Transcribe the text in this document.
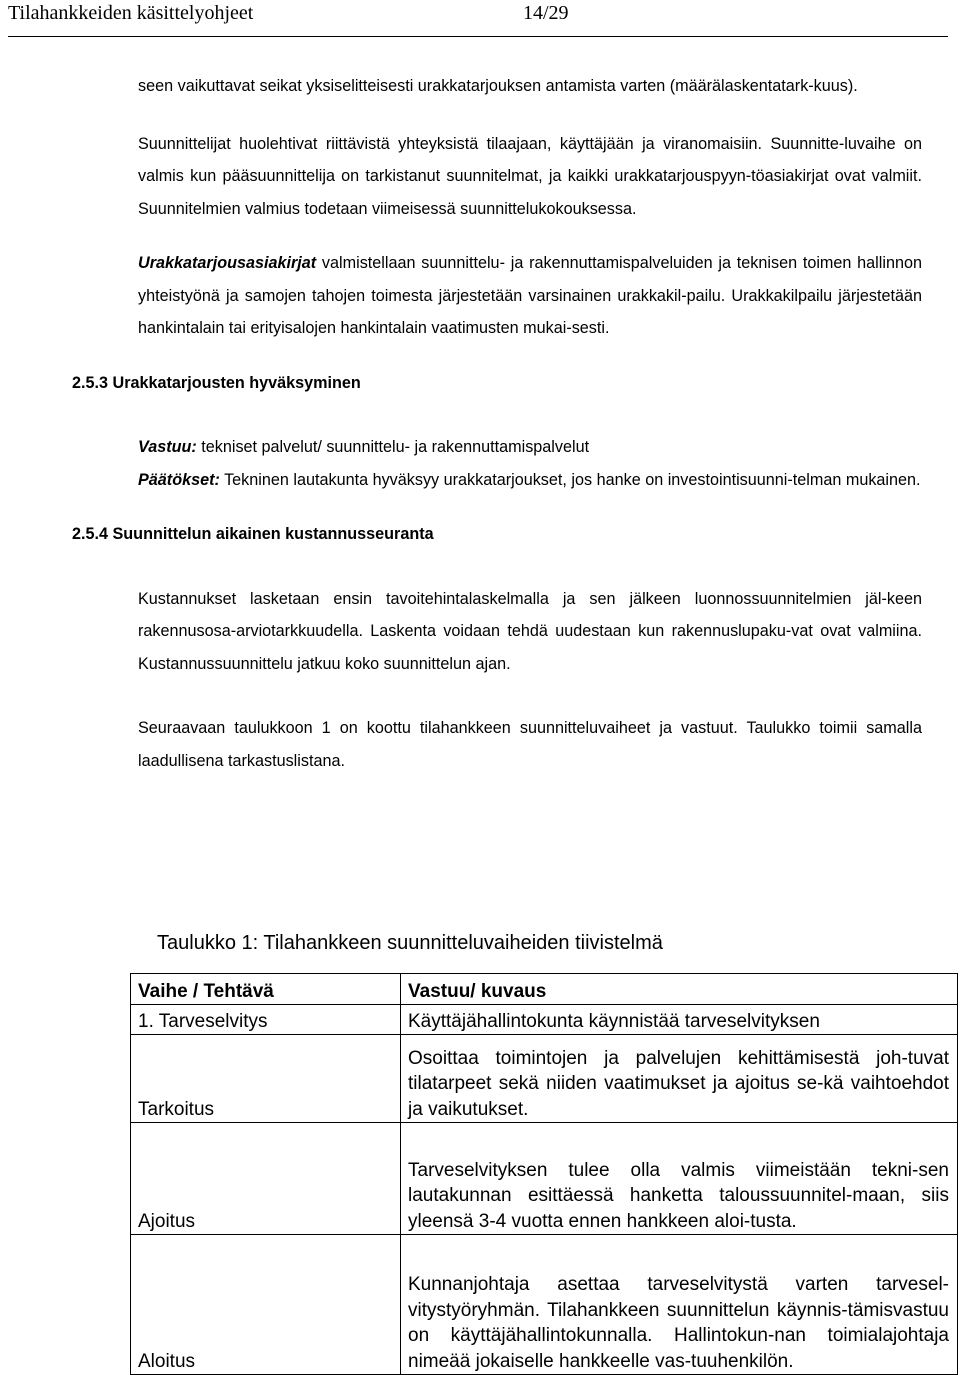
Tilahankkeiden käsittelyohjeet	14/29

seen vaikuttavat seikat yksiselitteisesti urakkatarjouksen antamista varten (määrälaskentatark-kuus).

Suunnittelijat huolehtivat riittävistä yhteyksistä tilaajaan, käyttäjään ja viranomaisiin. Suunnitte-luvaihe on valmis kun pääsuunnittelija on tarkistanut suunnitelmat, ja kaikki urakkatarjouspyyn-töasiakirjat ovat valmiit. Suunnitelmien valmius todetaan viimeisessä suunnittelukokouksessa.

Urakkatarjousasiakirjat valmistellaan suunnittelu- ja rakennuttamispalveluiden ja teknisen toimen hallinnon yhteistyönä ja samojen tahojen toimesta järjestetään varsinainen urakkakil-pailu. Urakkakilpailu järjestetään hankintalain tai erityisalojen hankintalain vaatimusten mukai-sesti.

2.5.3 Urakkatarjousten hyväksyminen

Vastuu: tekniset palvelut/ suunnittelu- ja rakennuttamispalvelut

Päätökset: Tekninen lautakunta hyväksyy urakkatarjoukset, jos hanke on investointisuunni-telman mukainen.

2.5.4 Suunnittelun aikainen kustannusseuranta

Kustannukset lasketaan ensin tavoitehintalaskelmalla ja sen jälkeen luonnossuunnitelmien jäl-keen rakennusosa-arviotarkkuudella. Laskenta voidaan tehdä uudestaan kun rakennuslupaku-vat ovat valmiina. Kustannussuunnittelu jatkuu koko suunnittelun ajan.

Seuraavaan taulukkoon 1 on koottu tilahankkeen suunnitteluvaiheet ja vastuut. Taulukko toimii samalla laadullisena tarkastuslistana.

Taulukko 1: Tilahankkeen suunnitteluvaiheiden tiivistelmä
Vaihe / Tehtävä	Vastuu/ kuvaus
1. Tarveselvitys	Käyttäjähallintokunta käynnistää tarveselvityksen
Tarkoitus	Osoittaa toimintojen ja palvelujen kehittämisestä joh-tuvat tilatarpeet sekä niiden vaatimukset ja ajoitus se-kä vaihtoehdot ja vaikutukset.
Ajoitus	Tarveselvityksen tulee olla valmis viimeistään tekni-sen lautakunnan esittäessä hanketta taloussuunnitel-maan, siis yleensä 3-4 vuotta ennen hankkeen aloi-tusta.
Aloitus	Kunnanjohtaja asettaa tarveselvitystä varten tarvesel-vitystyöryhmän. Tilahankkeen suunnittelun käynnis-tämisvastuu on käyttäjähallintokunnalla. Hallintokun-nan toimialajohtaja nimeää jokaiselle hankkeelle vas-tuuhenkilön.
